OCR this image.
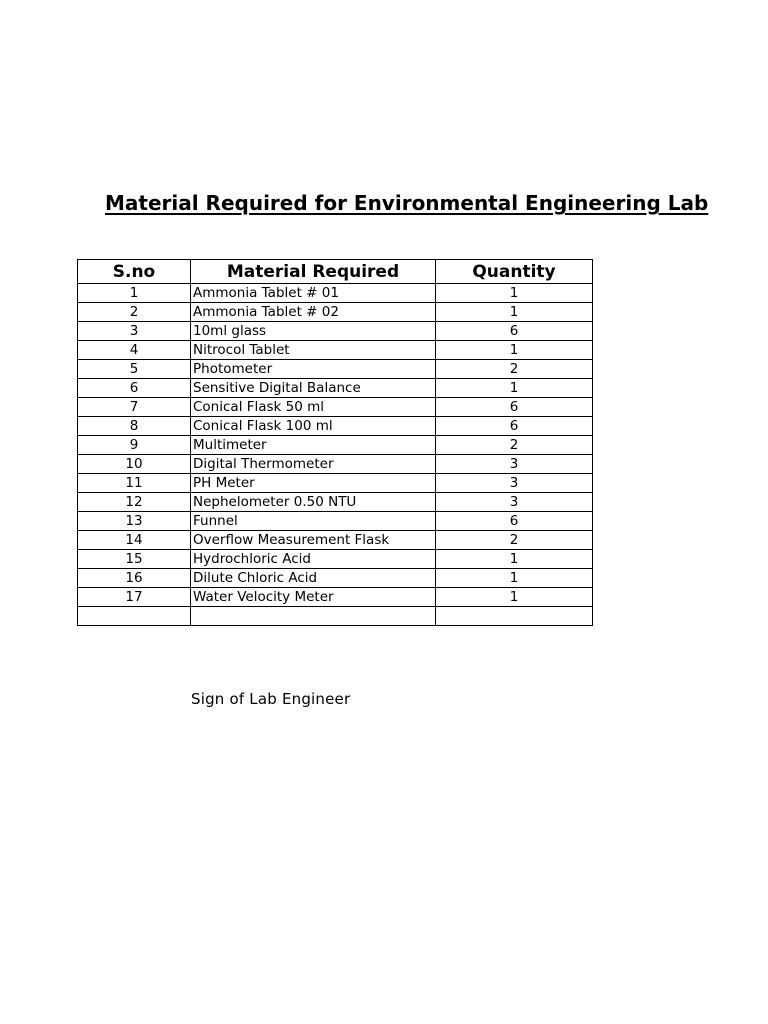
Material Required for Environmental Engineering Lab
S.no	Material Required	Quantity
1	Ammonia Tablet # 01	1
2	Ammonia Tablet # 02	1
3	10ml glass	6
4	Nitrocol Tablet	1
5	Photometer	2
6	Sensitive Digital Balance	1
7	Conical Flask 50 ml	6
8	Conical Flask 100 ml	6
9	Multimeter	2
10	Digital Thermometer	3
11	PH Meter	3
12	Nephelometer 0.50 NTU	3
13	Funnel	6
14	Overflow Measurement Flask	2
15	Hydrochloric Acid	1
16	Dilute Chloric Acid	1
17	Water Velocity Meter	1

Sign of Lab Engineer
